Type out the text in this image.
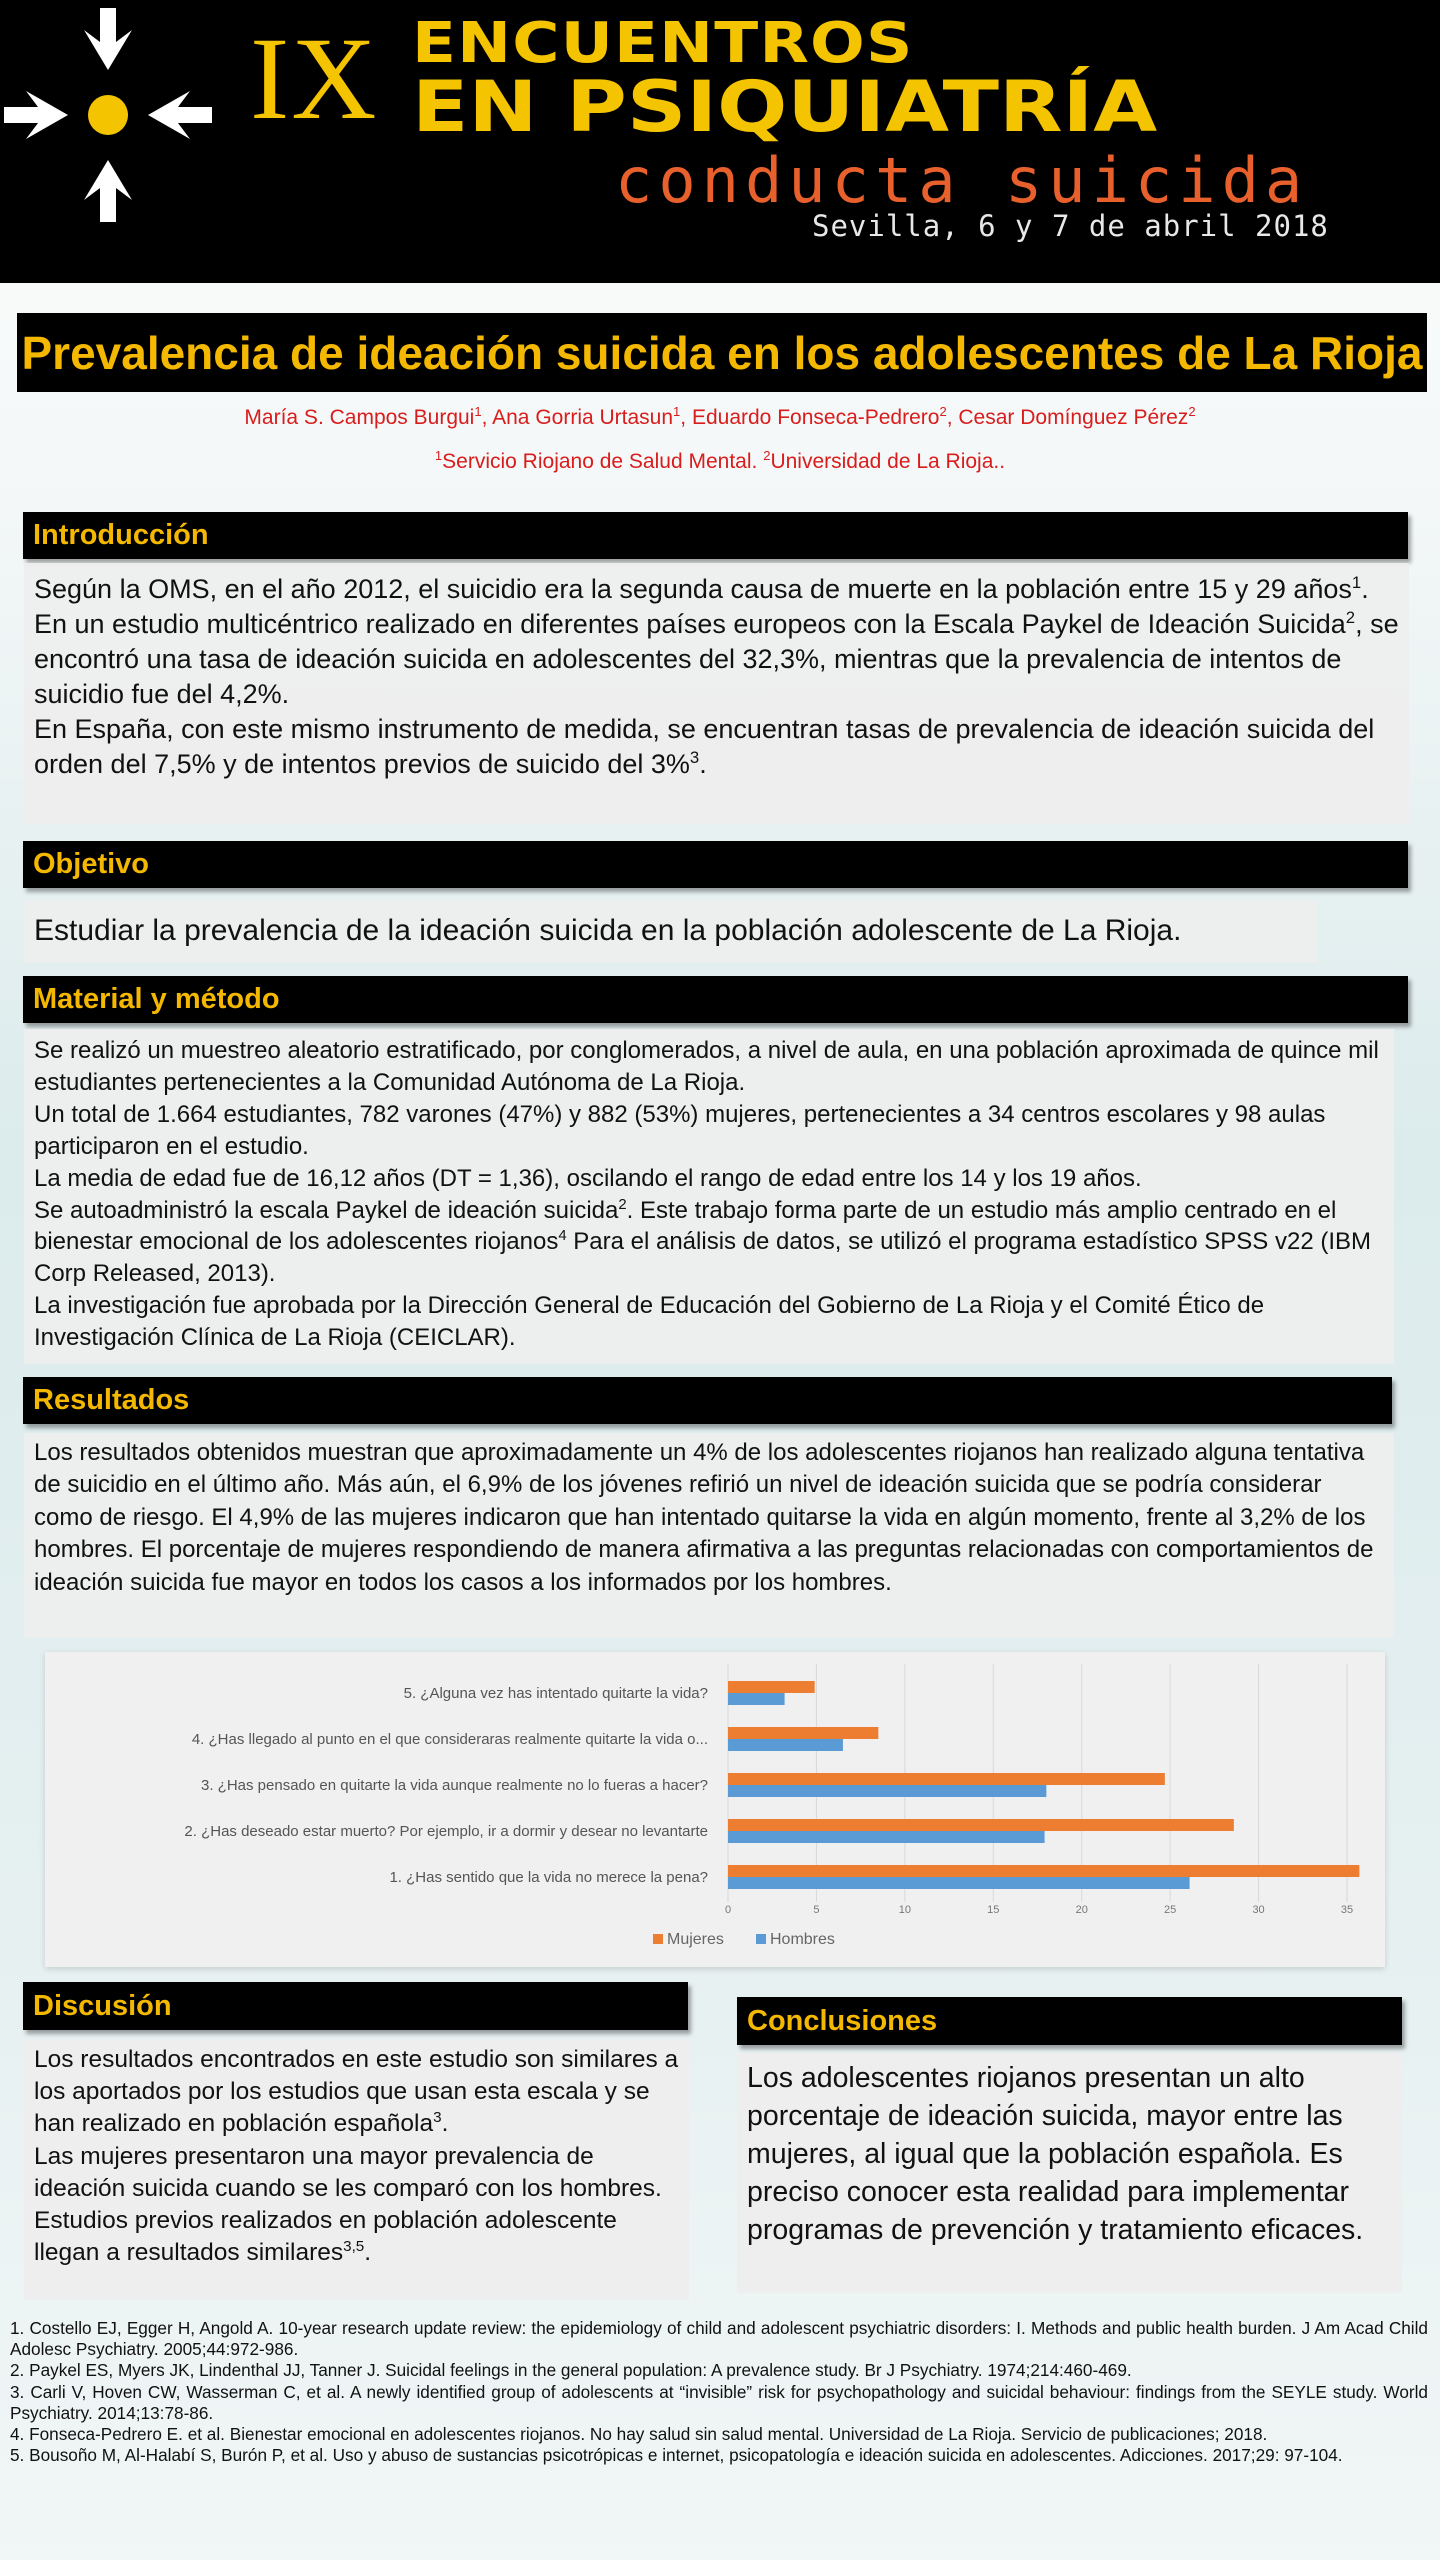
IX ENCUENTROS
EN PSIQUIATRÍA
conducta suicida
Sevilla, 6 y 7 de abril 2018
Prevalencia de ideación suicida en los adolescentes de La Rioja
María S. Campos Burgui$^1$, Ana Gorria Urtasun$^1$, Eduardo Fonseca-Pedrero$^2$, Cesar Domínguez Pérez$^2$
$^1$Servicio Riojano de Salud Mental. $^2$Universidad de La Rioja..
Introducción
Según la OMS, en el año 2012, el suicidio era la segunda causa de muerte en la población entre 15 y 29 años$^1$.
En un estudio multicéntrico realizado en diferentes países europeos con la Escala Paykel de Ideación Suicida$^2$, se encontró una tasa de ideación suicida en adolescentes del 32,3%, mientras que la prevalencia de intentos de suicidio fue del 4,2%.
En España, con este mismo instrumento de medida, se encuentran tasas de prevalencia de ideación suicida del orden del 7,5% y de intentos previos de suicido del 3%$^3$.
Objetivo
Estudiar la prevalencia de la ideación suicida en la población adolescente de La Rioja.
Material y método
Se realizó un muestreo aleatorio estratificado, por conglomerados, a nivel de aula, en una población aproximada de quince mil estudiantes pertenecientes a la Comunidad Autónoma de La Rioja.
Un total de 1.664 estudiantes, 782 varones (47%) y 882 (53%) mujeres, pertenecientes a 34 centros escolares y 98 aulas participaron en el estudio.
La media de edad fue de 16,12 años (DT = 1,36), oscilando el rango de edad entre los 14 y los 19 años.
Se autoadministró la escala Paykel de ideación suicida$^2$. Este trabajo forma parte de un estudio más amplio centrado en el bienestar emocional de los adolescentes riojanos$^4$ Para el análisis de datos, se utilizó el programa estadístico SPSS v22 (IBM Corp Released, 2013).
La investigación fue aprobada por la Dirección General de Educación del Gobierno de La Rioja y el Comité Ético de Investigación Clínica de La Rioja (CEICLAR).
Resultados
Los resultados obtenidos muestran que aproximadamente un 4% de los adolescentes riojanos han realizado alguna tentativa de suicidio en el último año. Más aún, el 6,9% de los jóvenes refirió un nivel de ideación suicida que se podría considerar como de riesgo. El 4,9% de las mujeres indicaron que han intentado quitarse la vida en algún momento, frente al 3,2% de los hombres. El porcentaje de mujeres respondiendo de manera afirmativa a las preguntas relacionadas con comportamientos de ideación suicida fue mayor en todos los casos a los informados por los hombres.
0	5	10	15	20	25	30	35
1. ¿Has sentido que la vida no merece la pena?
2. ¿Has deseado estar muerto? Por ejemplo, ir a dormir y desear no levantarte
3. ¿Has pensado en quitarte la vida aunque realmente no lo fueras a hacer?
4. ¿Has llegado al punto en el que consideraras realmente quitarte la vida o...
5. ¿Alguna vez has intentado quitarte la vida?
Mujeres	Hombres
Discusión
Los resultados encontrados en este estudio son similares a los aportados por los estudios que usan esta escala y se han realizado en población española$^3$.
Las mujeres presentaron una mayor prevalencia de ideación suicida cuando se les comparó con los hombres. Estudios previos realizados en población adolescente llegan a resultados similares$^{3,5}$.
Conclusiones
Los adolescentes riojanos presentan un alto porcentaje de ideación suicida, mayor entre las mujeres, al igual que la población española. Es preciso conocer esta realidad para implementar programas de prevención y tratamiento eficaces.
1. Costello EJ, Egger H, Angold A. 10-year research update review: the epidemiology of child and adolescent psychiatric disorders: I. Methods and public health burden. J Am Acad Child Adolesc Psychiatry. 2005;44:972-986.
2. Paykel ES, Myers JK, Lindenthal JJ, Tanner J. Suicidal feelings in the general population: A prevalence study. Br J Psychiatry. 1974;214:460-469.
3. Carli V, Hoven CW, Wasserman C, et al. A newly identified group of adolescents at “invisible” risk for psychopathology and suicidal behaviour: findings from the SEYLE study. World Psychiatry. 2014;13:78-86.
4. Fonseca-Pedrero E. et al. Bienestar emocional en adolescentes riojanos. No hay salud sin salud mental. Universidad de La Rioja. Servicio de publicaciones; 2018.
5. Bousoño M, Al-Halabí S, Burón P, et al. Uso y abuso de sustancias psicotrópicas e internet, psicopatología e ideación suicida en adolescentes. Adicciones. 2017;29: 97-104.
